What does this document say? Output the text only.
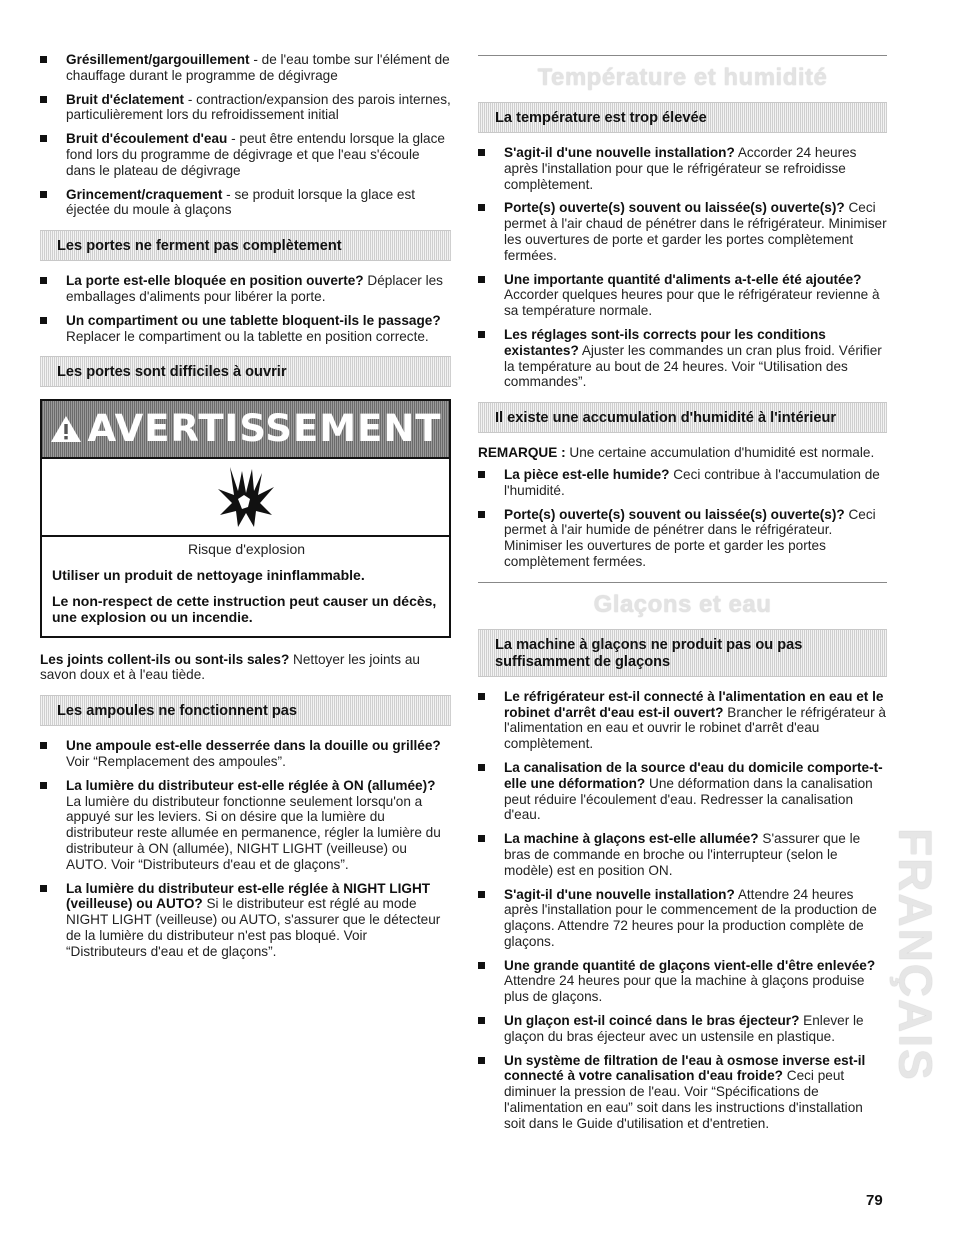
Grésillement/gargouillement - de l'eau tombe sur l'élément de chauffage durant le programme de dégivrage
Bruit d'éclatement - contraction/expansion des parois internes, particulièrement lors du refroidissement initial
Bruit d'écoulement d'eau - peut être entendu lorsque la glace fond lors du programme de dégivrage et que l'eau s'écoule dans le plateau de dégivrage
Grincement/craquement - se produit lorsque la glace est éjectée du moule à glaçons
Les portes ne ferment pas complètement
La porte est-elle bloquée en position ouverte? Déplacer les emballages d'aliments pour libérer la porte.
Un compartiment ou une tablette bloquent-ils le passage? Replacer le compartiment ou la tablette en position correcte.
Les portes sont difficiles à ouvrir
AVERTISSEMENT
Risque d'explosion
Utiliser un produit de nettoyage ininflammable.
Le non-respect de cette instruction peut causer un décès, une explosion ou un incendie.
Les joints collent-ils ou sont-ils sales? Nettoyer les joints au savon doux et à l'eau tiède.
Les ampoules ne fonctionnent pas
Une ampoule est-elle desserrée dans la douille ou grillée? Voir “Remplacement des ampoules”.
La lumière du distributeur est-elle réglée à ON (allumée)? La lumière du distributeur fonctionne seulement lorsqu'on a appuyé sur les leviers. Si on désire que la lumière du distributeur reste allumée en permanence, régler la lumière du distributeur à ON (allumée), NIGHT LIGHT (veilleuse) ou AUTO. Voir “Distributeurs d'eau et de glaçons”.
La lumière du distributeur est-elle réglée à NIGHT LIGHT (veilleuse) ou AUTO? Si le distributeur est réglé au mode NIGHT LIGHT (veilleuse) ou AUTO, s'assurer que le détecteur de la lumière du distributeur n'est pas bloqué. Voir “Distributeurs d'eau et de glaçons”.
Température et humidité
La température est trop élevée
S'agit-il d'une nouvelle installation? Accorder 24 heures après l'installation pour que le réfrigérateur se refroidisse complètement.
Porte(s) ouverte(s) souvent ou laissée(s) ouverte(s)? Ceci permet à l'air chaud de pénétrer dans le réfrigérateur. Minimiser les ouvertures de porte et garder les portes complètement fermées.
Une importante quantité d'aliments a-t-elle été ajoutée? Accorder quelques heures pour que le réfrigérateur revienne à sa température normale.
Les réglages sont-ils corrects pour les conditions existantes? Ajuster les commandes un cran plus froid. Vérifier la température au bout de 24 heures. Voir “Utilisation des commandes”.
Il existe une accumulation d'humidité à l'intérieur
REMARQUE : Une certaine accumulation d'humidité est normale.
La pièce est-elle humide? Ceci contribue à l'accumulation de l'humidité.
Porte(s) ouverte(s) souvent ou laissée(s) ouverte(s)? Ceci permet à l'air humide de pénétrer dans le réfrigérateur. Minimiser les ouvertures de porte et garder les portes complètement fermées.
Glaçons et eau
La machine à glaçons ne produit pas ou pas suffisamment de glaçons
Le réfrigérateur est-il connecté à l'alimentation en eau et le robinet d'arrêt d'eau est-il ouvert? Brancher le réfrigérateur à l'alimentation en eau et ouvrir le robinet d'arrêt d'eau complètement.
La canalisation de la source d'eau du domicile comporte-t-elle une déformation? Une déformation dans la canalisation peut réduire l'écoulement d'eau. Redresser la canalisation d'eau.
La machine à glaçons est-elle allumée? S'assurer que le bras de commande en broche ou l'interrupteur (selon le modèle) est en position ON.
S'agit-il d'une nouvelle installation? Attendre 24 heures après l'installation pour le commencement de la production de glaçons. Attendre 72 heures pour la production complète de glaçons.
Une grande quantité de glaçons vient-elle d'être enlevée? Attendre 24 heures pour que la machine à glaçons produise plus de glaçons.
Un glaçon est-il coincé dans le bras éjecteur? Enlever le glaçon du bras éjecteur avec un ustensile en plastique.
Un système de filtration de l'eau à osmose inverse est-il connecté à votre canalisation d'eau froide? Ceci peut diminuer la pression de l'eau. Voir “Spécifications de l'alimentation en eau” soit dans les instructions d'installation soit dans le Guide d'utilisation et d'entretien.
FRANÇAIS
79
